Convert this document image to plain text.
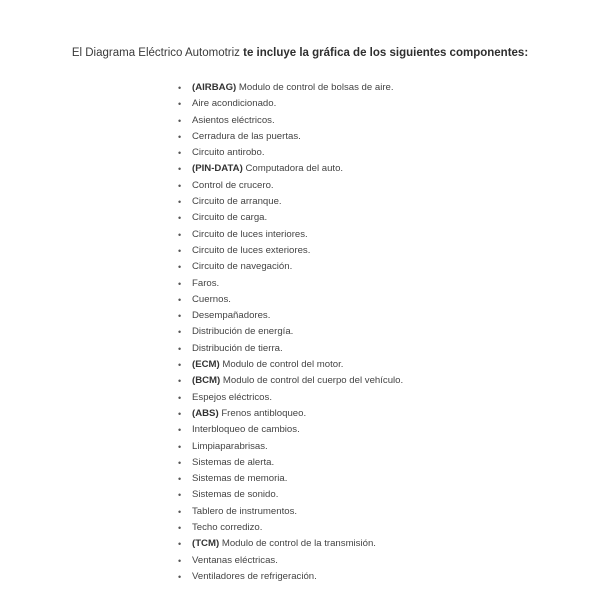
El Diagrama Eléctrico Automotriz te incluye la gráfica de los siguientes componentes:
• (AIRBAG) Modulo de control de bolsas de aire.
• Aire acondicionado.
• Asientos eléctricos.
• Cerradura de las puertas.
• Circuito antirobo.
• (PIN-DATA) Computadora del auto.
• Control de crucero.
• Circuito de arranque.
• Circuito de carga.
• Circuito de luces interiores.
• Circuito de luces exteriores.
• Circuito de navegación.
• Faros.
• Cuernos.
• Desempañadores.
• Distribución de energía.
• Distribución de tierra.
• (ECM) Modulo de control del motor.
• (BCM) Modulo de control del cuerpo del vehículo.
• Espejos eléctricos.
• (ABS) Frenos antibloqueo.
• Interbloqueo de cambios.
• Limpiaparabrisas.
• Sistemas de alerta.
• Sistemas de memoria.
• Sistemas de sonido.
• Tablero de instrumentos.
• Techo corredizo.
• (TCM) Modulo de control de la transmisión.
• Ventanas eléctricas.
• Ventiladores de refrigeración.
